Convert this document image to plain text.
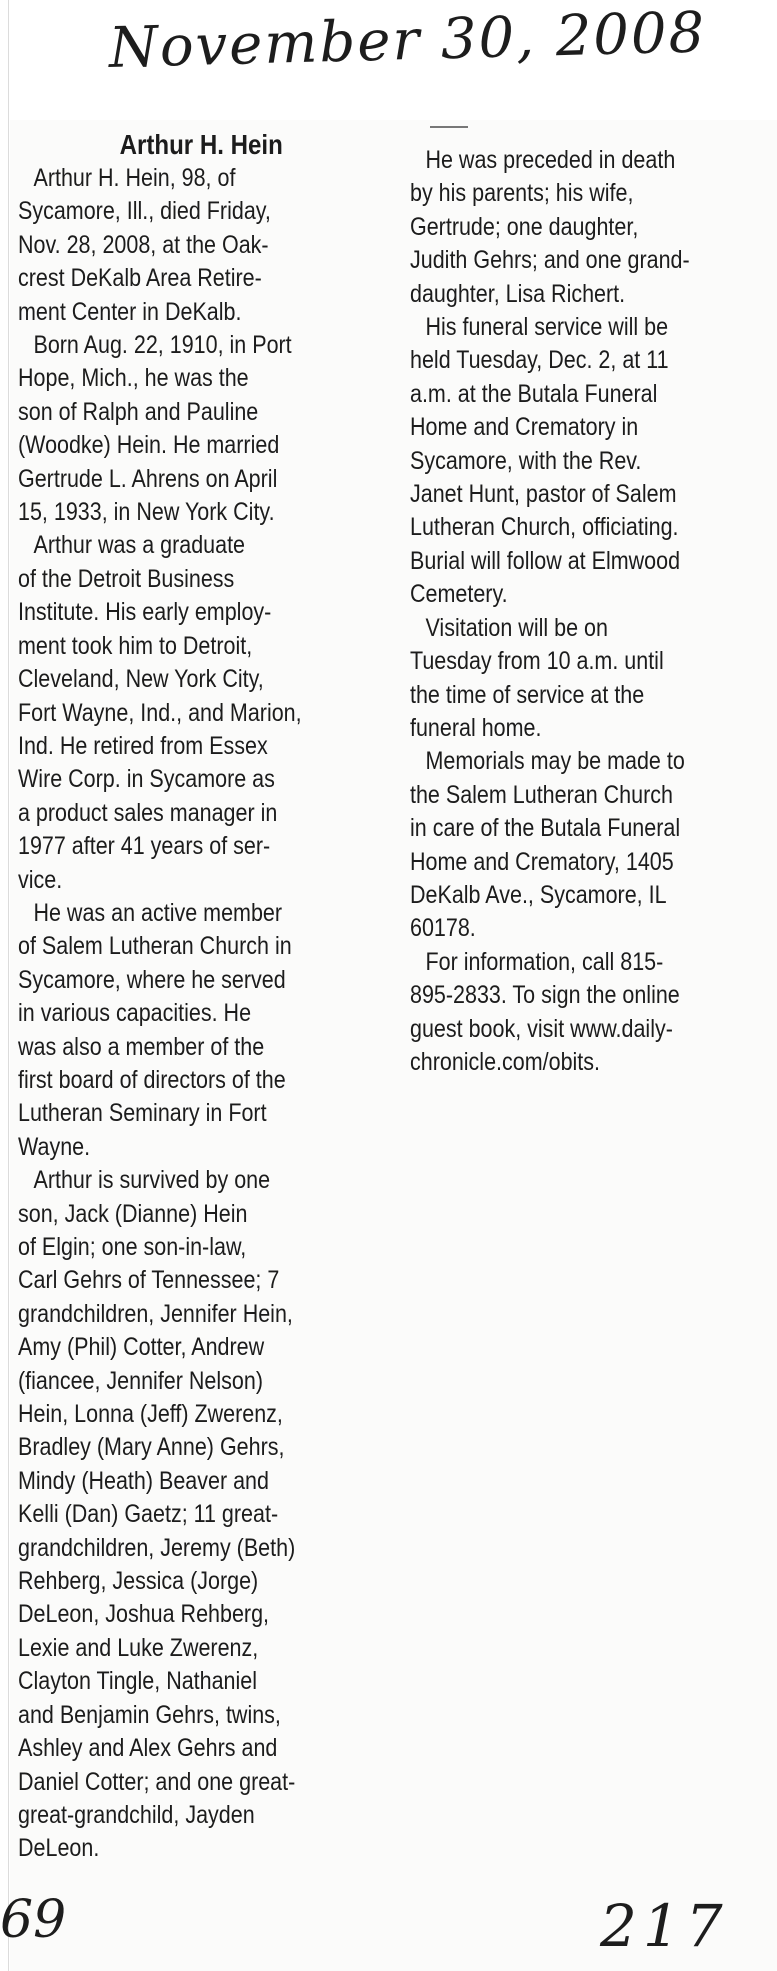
November 30, 2008
Arthur H. Hein
Arthur H. Hein, 98, of
Sycamore, Ill., died Friday,
Nov. 28, 2008, at the Oak-
crest DeKalb Area Retire-
ment Center in DeKalb.
Born Aug. 22, 1910, in Port
Hope, Mich., he was the
son of Ralph and Pauline
(Woodke) Hein. He married
Gertrude L. Ahrens on April
15, 1933, in New York City.
Arthur was a graduate
of the Detroit Business
Institute. His early employ-
ment took him to Detroit,
Cleveland, New York City,
Fort Wayne, Ind., and Marion,
Ind. He retired from Essex
Wire Corp. in Sycamore as
a product sales manager in
1977 after 41 years of ser-
vice.
He was an active member
of Salem Lutheran Church in
Sycamore, where he served
in various capacities. He
was also a member of the
first board of directors of the
Lutheran Seminary in Fort
Wayne.
Arthur is survived by one
son, Jack (Dianne) Hein
of Elgin; one son-in-law,
Carl Gehrs of Tennessee; 7
grandchildren, Jennifer Hein,
Amy (Phil) Cotter, Andrew
(fiancee, Jennifer Nelson)
Hein, Lonna (Jeff) Zwerenz,
Bradley (Mary Anne) Gehrs,
Mindy (Heath) Beaver and
Kelli (Dan) Gaetz; 11 great-
grandchildren, Jeremy (Beth)
Rehberg, Jessica (Jorge)
DeLeon, Joshua Rehberg,
Lexie and Luke Zwerenz,
Clayton Tingle, Nathaniel
and Benjamin Gehrs, twins,
Ashley and Alex Gehrs and
Daniel Cotter; and one great-
great-grandchild, Jayden
DeLeon.
He was preceded in death
by his parents; his wife,
Gertrude; one daughter,
Judith Gehrs; and one grand-
daughter, Lisa Richert.
His funeral service will be
held Tuesday, Dec. 2, at 11
a.m. at the Butala Funeral
Home and Crematory in
Sycamore, with the Rev.
Janet Hunt, pastor of Salem
Lutheran Church, officiating.
Burial will follow at Elmwood
Cemetery.
Visitation will be on
Tuesday from 10 a.m. until
the time of service at the
funeral home.
Memorials may be made to
the Salem Lutheran Church
in care of the Butala Funeral
Home and Crematory, 1405
DeKalb Ave., Sycamore, IL
60178.
For information, call 815-
895-2833. To sign the online
guest book, visit www.daily-
chronicle.com/obits.
69	217
